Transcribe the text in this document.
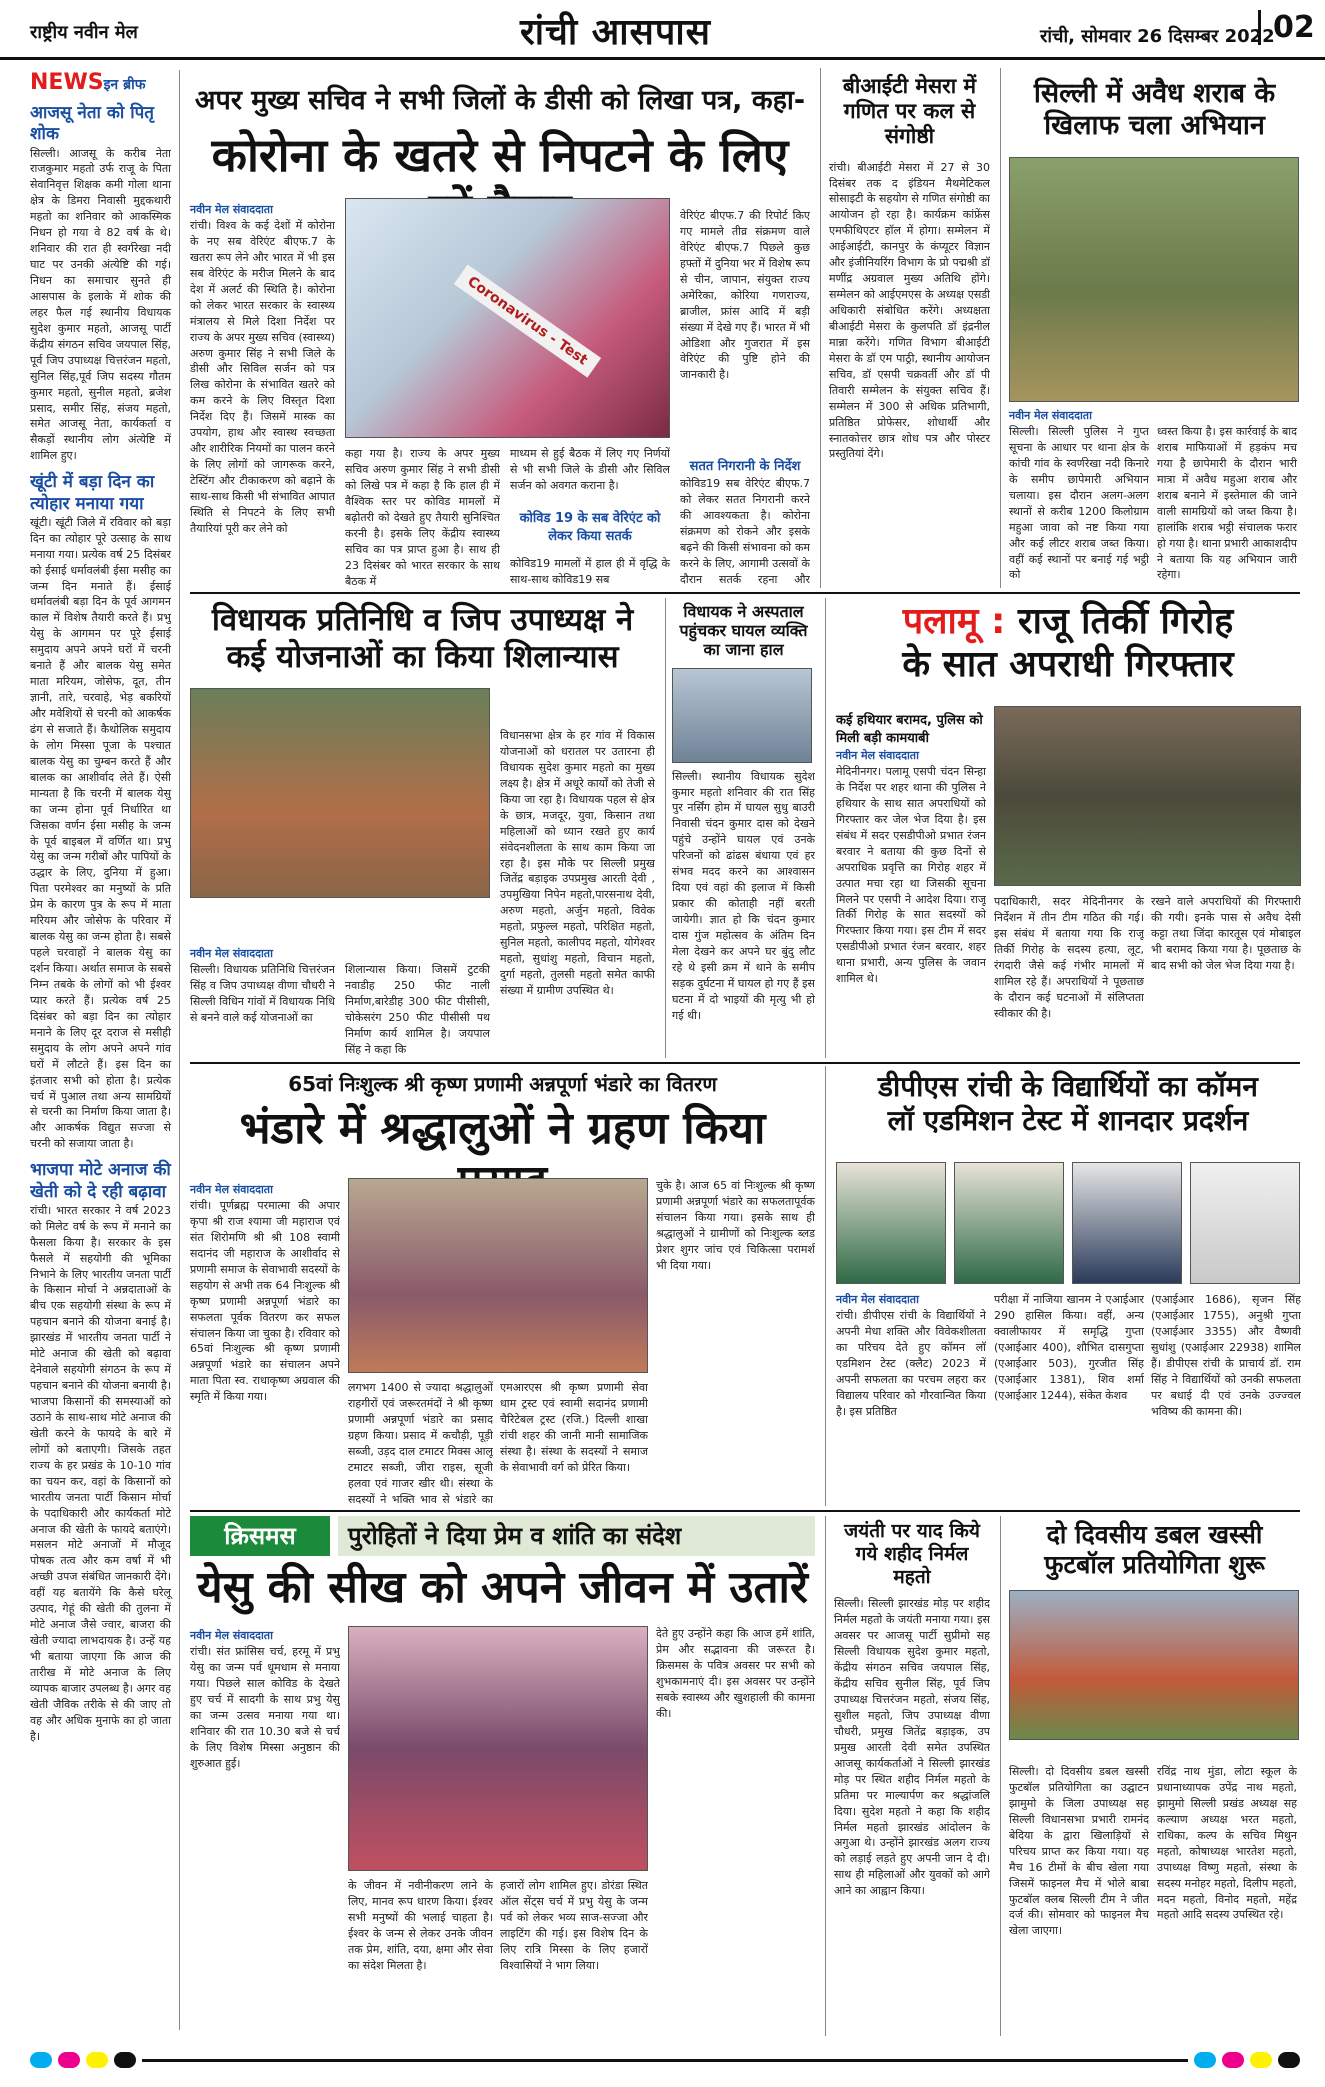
राष्ट्रीय नवीन मेल	रांची आसपास	रांची, सोमवार 26 दिसम्बर 2022
02
NEWSइन ब्रीफ
आजसू नेता को पितृ शोक
सिल्ली। आजसू के करीब नेता राजकुमार महतो उर्फ राजू के पिता सेवानिवृत्त शिक्षक कमी गोला थाना क्षेत्र के डिमरा निवासी मुद्दकथारी महतो का शनिवार को आकस्मिक निधन हो गया वे 82 वर्ष के थे। शनिवार की रात ही स्वर्गरेखा नदी घाट पर उनकी अंत्येष्टि की गई। निधन का समाचार सुनते ही आसपास के इलाके में शोक की लहर फैल गई स्थानीय विधायक सुदेश कुमार महतो, आजसू पार्टी केंद्रीय संगठन सचिव जयपाल सिंह, पूर्व जिप उपाध्यक्ष चित्तरंजन महतो, सुनिल सिंह,पूर्व जिप सदस्य गौतम कुमार महतो, सुनील महतो, ब्रजेश प्रसाद, समीर सिंह, संजय महतो, समेत आजसू नेता, कार्यकर्ता व सैकड़ों स्थानीय लोग अंत्येष्टि में शामिल हुए।
खूंटी में बड़ा दिन का त्योहार मनाया गया
खूंटी। खूंटी जिले में रविवार को बड़ा दिन का त्योहार पूरे उत्साह के साथ मनाया गया। प्रत्येक वर्ष 25 दिसंबर को ईसाई धर्मावलंबी ईसा मसीह का जन्म दिन मनाते हैं। ईसाई धर्मावलंबी बड़ा दिन के पूर्व आगमन काल में विशेष तैयारी करते हैं। प्रभु येसु के आगमन पर पूरे ईसाई समुदाय अपने अपने घरों में चरनी बनाते हैं और बालक येसु समेत माता मरियम, जोसेफ, दूत, तीन ज्ञानी, तारे, चरवाहे, भेड़ बकरियों और मवेशियों से चरनी को आकर्षक ढंग से सजाते हैं। कैथोलिक समुदाय के लोग मिस्सा पूजा के पश्चात बालक येसु का चुम्बन करते हैं और बालक का आशीर्वाद लेते हैं। ऐसी मान्यता है कि चरनी में बालक येसु का जन्म होना पूर्व निर्धारित था जिसका वर्णन ईसा मसीह के जन्म के पूर्व बाइबल में वर्णित था। प्रभु येसु का जन्म गरीबों और पापियों के उद्धार के लिए, दुनिया में हुआ। पिता परमेश्वर का मनुष्यों के प्रति प्रेम के कारण पुत्र के रूप में माता मरियम और जोसेफ के परिवार में बालक येसु का जन्म होता है। सबसे पहले चरवाहों ने बालक येसु का दर्शन किया। अर्थात समाज के सबसे निम्न तबके के लोगों को भी ईश्वर प्यार करते हैं। प्रत्येक वर्ष 25 दिसंबर को बड़ा दिन का त्योहार मनाने के लिए दूर दराज से मसीही समुदाय के लोग अपने अपने गांव घरों में लौटते हैं। इस दिन का इंतजार सभी को होता है। प्रत्येक चर्च में पुआल तथा अन्य सामग्रियों से चरनी का निर्माण किया जाता है। और आकर्षक विद्युत सज्जा से चरनी को सजाया जाता है।
भाजपा मोटे अनाज की खेती को दे रही बढ़ावा
रांची। भारत सरकार ने वर्ष 2023 को मिलेट वर्ष के रूप में मनाने का फैसला किया है। सरकार के इस फैसले में सहयोगी की भूमिका निभाने के लिए भारतीय जनता पार्टी के किसान मोर्चा ने अन्नदाताओं के बीच एक सहयोगी संस्था के रूप में पहचान बनाने की योजना बनाई है। झारखंड में भारतीय जनता पार्टी ने मोटे अनाज की खेती को बढ़ावा देनेवाले सहयोगी संगठन के रूप में पहचान बनाने की योजना बनायी है। भाजपा किसानों की समस्याओं को उठाने के साथ-साथ मोटे अनाज की खेती करने के फायदे के बारे में लोगों को बताएगी। जिसके तहत राज्य के हर प्रखंड के 10-10 गांव का चयन कर, वहां के किसानों को भारतीय जनता पार्टी किसान मोर्चा के पदाधिकारी और कार्यकर्ता मोटे अनाज की खेती के फायदे बताएंगे। मसलन मोटे अनाजों में मौजूद पोषक तत्व और कम वर्षा में भी अच्छी उपज संबंधित जानकारी देंगे। वहीं यह बतायेंगे कि कैसे घरेलू उत्पाद, गेहूं की खेती की तुलना में मोटे अनाज जैसे ज्वार, बाजरा की खेती ज्यादा लाभदायक है। उन्हें यह भी बताया जाएगा कि आज की तारीख में मोटे अनाज के लिए व्यापक बाजार उपलब्ध है। अगर वह खेती जैविक तरीके से की जाए तो वह और अधिक मुनाफे का हो जाता है।
अपर मुख्य सचिव ने सभी जिलों के डीसी को लिखा पत्र, कहा-
कोरोना के खतरे से निपटने के लिए
नवीन मेल संवाददाता
रांची। विश्व के कई देशों में कोरोना के नए सब वेरिएंट बीएफ.7 के खतरा रूप लेने और भारत में भी इस सब वेरिएंट के मरीज मिलने के बाद देश में अलर्ट की स्थिति है। कोरोना को लेकर भारत सरकार के स्वास्थ्य मंत्रालय से मिले दिशा निर्देश पर राज्य के अपर मुख्य सचिव (स्वास्थ्य) अरुण कुमार सिंह ने सभी जिले के डीसी और सिविल सर्जन को पत्र लिख कोरोना के संभावित खतरे को कम करने के लिए विस्तृत दिशा निर्देश दिए हैं। जिसमें मास्क का उपयोग, हाथ और स्वास्थ स्वच्छता और शारीरिक नियमों का पालन करने के लिए लोगों को जागरूक करने, टेस्टिंग और टीकाकरण को बढ़ाने के साथ-साथ किसी भी संभावित आपात स्थिति से निपटने के लिए सभी तैयारियां पूरी कर लेने को
Coronavirus - Test
कहा गया है। राज्य के अपर मुख्य सचिव अरुण कुमार सिंह ने सभी डीसी को लिखे पत्र में कहा है कि हाल ही में वैश्विक स्तर पर कोविड मामलों में बढ़ोतरी को देखते हुए तैयारी सुनिश्चित करनी है। इसके लिए केंद्रीय स्वास्थ्य सचिव का पत्र प्राप्त हुआ है। साथ ही 23 दिसंबर को भारत सरकार के साथ बैठक में
माध्यम से हुई बैठक में लिए गए निर्णयों से भी सभी जिले के डीसी और सिविल सर्जन को अवगत कराना है।
कोविड 19 के सब वेरिएंट को लेकर किया सतर्क
कोविड19 मामलों में हाल ही में वृद्धि के साथ-साथ कोविड19 सब
वेरिएंट बीएफ.7 की रिपोर्ट किए गए मामले तीव्र संक्रमण वाले वेरिएंट बीएफ.7 पिछले कुछ हफ्तों में दुनिया भर में विशेष रूप से चीन, जापान, संयुक्त राज्य अमेरिका, कोरिया गणराज्य, ब्राजील, फ्रांस आदि में बड़ी संख्या में देखे गए हैं। भारत में भी ओडिशा और गुजरात में इस वेरिएंट की पुष्टि होने की जानकारी है।
सतत निगरानी के निर्देश
कोविड19 सब वेरिएंट बीएफ.7 को लेकर सतत निगरानी करने की आवश्यकता है। कोरोना संक्रमण को रोकने और इसके बढ़ने की किसी संभावना को कम करने के लिए, आगामी उत्सवों के दौरान सतर्क रहना और
बीआईटी मेसरा में गणित पर कल से संगोष्ठी
रांची। बीआईटी मेसरा में 27 से 30 दिसंबर तक द इंडियन मैथमेटिकल सोसाइटी के सहयोग से गणित संगोष्ठी का आयोजन हो रहा है। कार्यक्रम कांफ्रेंस एमफीथिएटर हॉल में होगा। सम्मेलन में आईआईटी, कानपुर के कंप्यूटर विज्ञान और इंजीनियरिंग विभाग के प्रो पद्मश्री डॉ मणींद्र अग्रवाल मुख्य अतिथि होंगे। सम्मेलन को आईएमएस के अध्यक्ष एसडी अधिकारी संबोधित करेंगे। अध्यक्षता बीआईटी मेसरा के कुलपति डॉ इंद्रनील मान्ना करेंगे। गणित विभाग बीआईटी मेसरा के डॉ एम पाठ्री, स्थानीय आयोजन सचिव, डॉ एसपी चक्रवर्ती और डॉ पी तिवारी सम्मेलन के संयुक्त सचिव हैं। सम्मेलन में 300 से अधिक प्रतिभागी, प्रतिष्ठित प्रोफेसर, शोधार्थी और स्नातकोत्तर छात्र शोध पत्र और पोस्टर प्रस्तुतियां देंगे।
सिल्ली में अवैध शराब के खिलाफ चला अभियान
नवीन मेल संवाददाता
सिल्ली। सिल्ली पुलिस ने गुप्त सूचना के आधार पर थाना क्षेत्र के कांची गांव के स्वर्णरेखा नदी किनारे के समीप छापेमारी अभियान चलाया। इस दौरान अलग-अलग स्थानों से करीब 1200 किलोग्राम महुआ जावा को नष्ट किया गया और कई लीटर शराब जब्त किया। वहीं कई स्थानों पर बनाई गई भट्ठी को
ध्वस्त किया है। इस कार्रवाई के बाद शराब माफियाओं में हड़कंप मच गया है छापेमारी के दौरान भारी मात्रा में अवैध महुआ शराब और शराब बनाने में इस्तेमाल की जाने वाली सामग्रियों को जब्त किया है। हालांकि शराब भट्ठी संचालक फरार हो गया है। थाना प्रभारी आकाशदीप ने बताया कि यह अभियान जारी रहेगा।
विधायक प्रतिनिधि व जिप उपाध्यक्ष ने कई योजनाओं का किया शिलान्यास
नवीन मेल संवाददाता
सिल्ली। विधायक प्रतिनिधि चित्तरंजन सिंह व जिप उपाध्यक्ष वीणा चौधरी ने सिल्ली विधिन गांवों में विधायक निधि से बनने वाले कई योजनाओं का
शिलान्यास किया। जिसमें टुटकी नवाडीह 250 फीट नाली निर्माण,बारेडीह 300 फीट पीसीसी, चोकेसरंग 250 फीट पीसीसी पथ निर्माण कार्य शामिल है। जयपाल सिंह ने कहा कि
विधानसभा क्षेत्र के हर गांव में विकास योजनाओं को धरातल पर उतारना ही विधायक सुदेश कुमार महतो का मुख्य लक्ष्य है। क्षेत्र में अधूरे कार्यों को तेजी से किया जा रहा है। विधायक पहल से क्षेत्र के छात्र, मजदूर, युवा, किसान तथा महिलाओं को ध्यान रखते हुए कार्य संवेदनशीलता के साथ काम किया जा रहा है। इस मौके पर सिल्ली प्रमुख जितेंद्र बड़ाइक उपप्रमुख आरती देवी , उपमुखिया निपेन महतो,पारसनाथ देवी, अरुण महतो, अर्जुन महतो, विवेक महतो, प्रफुल्ल महतो, परिक्षित महतो, सुनिल महतो, कालीपद महतो, योगेश्वर महतो, सुधांशु महतो, विचान महतो, दुर्गा महतो, तुलसी महतो समेत काफी संख्या में ग्रामीण उपस्थित थे।
विधायक ने अस्पताल पहुंचकर घायल व्यक्ति का जाना हाल
सिल्ली। स्थानीय विधायक सुदेश कुमार महतो शनिवार की रात सिंह पुर नर्सिंग होम में घायल सुधु बाउरी निवासी चंदन कुमार दास को देखने पहुंचे उन्होंने घायल एवं उनके परिजनों को ढांढस बंधाया एवं हर संभव मदद करने का आश्वासन दिया एवं वहां की इलाज में किसी प्रकार की कोताही नहीं बरती जायेगी। ज्ञात हो कि चंदन कुमार दास गुंज महोत्सव के अंतिम दिन मेला देखने कर अपने घर बुंदु लौट रहे थे इसी क्रम में थाने के समीप सड़क दुर्घटना में घायल हो गए हैं इस घटना में दो भाइयों की मृत्यु भी हो गई थी।
पलामू : राजू तिर्की गिरोह
के सात अपराधी गिरफ्तार
कई हथियार बरामद, पुलिस को मिली बड़ी कामयाबी
नवीन मेल संवाददाता
मेदिनीनगर। पलामू एसपी चंदन सिन्हा के निर्देश पर शहर थाना की पुलिस ने हथियार के साथ सात अपराधियों को गिरफ्तार कर जेल भेज दिया है। इस संबंध में सदर एसडीपीओ प्रभात रंजन बरवार ने बताया की कुछ दिनों से अपराधिक प्रवृत्ति का गिरोह शहर में उत्पात मचा रहा था जिसकी सूचना मिलने पर एसपी ने आदेश दिया। राजू तिर्की गिरोह के सात सदस्यों को गिरफ्तार किया गया। इस टीम में सदर एसडीपीओ प्रभात रंजन बरवार, शहर थाना प्रभारी, अन्य पुलिस के जवान शामिल थे।
पदाधिकारी, सदर मेदिनीनगर के निर्देशन में तीन टीम गठित की गई। इस संबंध में बताया गया कि राजू तिर्की गिरोह के सदस्य हत्या, लूट, रंगदारी जैसे कई गंभीर मामलों में शामिल रहे हैं। अपराधियों ने पूछताछ के दौरान कई घटनाओं में संलिप्तता स्वीकार की है।
रखने वाले अपराधियों की गिरफ्तारी की गयी। इनके पास से अवैध देसी कट्टा तथा जिंदा कारतूस एवं मोबाइल भी बरामद किया गया है। पूछताछ के बाद सभी को जेल भेज दिया गया है।
65वां निःशुल्क श्री कृष्ण प्रणामी अन्नपूर्णा भंडारे का वितरण
भंडारे में श्रद्धालुओं ने ग्रहण किया
नवीन मेल संवाददाता
रांची। पूर्णब्रह्म परमात्मा की अपार कृपा श्री राज श्यामा जी महाराज एवं संत शिरोमणि श्री श्री 108 स्वामी सदानंद जी महाराज के आशीर्वाद से प्रणामी समाज के सेवाभावी सदस्यों के सहयोग से अभी तक 64 निःशुल्क श्री कृष्ण प्रणामी अन्नपूर्णा भंडारे का सफलता पूर्वक वितरण कर सफल संचालन किया जा चुका है। रविवार को 65वां निःशुल्क श्री कृष्ण प्रणामी अन्नपूर्णा भंडारे का संचालन अपने माता पिता स्व. राधाकृष्ण अग्रवाल की स्मृति में किया गया।
लगभग 1400 से ज्यादा श्रद्धालुओं राहगीरों एवं जरूरतमंदों ने श्री कृष्ण प्रणामी अन्नपूर्णा भंडारे का प्रसाद ग्रहण किया। प्रसाद में कचौड़ी, पूड़ी सब्जी, उड़द दाल टमाटर मिक्स आलू टमाटर सब्जी, जीरा राइस, सूजी हलवा एवं गाजर खीर थी। संस्था के सदस्यों ने भक्ति भाव से भंडारे का
एमआरएस श्री कृष्ण प्रणामी सेवा धाम ट्रस्ट एवं स्वामी सदानंद प्रणामी चैरिटेबल ट्रस्ट (रजि.) दिल्ली शाखा रांची शहर की जानी मानी सामाजिक संस्था है। संस्था के सदस्यों ने समाज के सेवाभावी वर्ग को प्रेरित किया।
चुके है। आज 65 वां निःशुल्क श्री कृष्ण प्रणामी अन्नपूर्णा भंडारे का सफलतापूर्वक संचालन किया गया। इसके साथ ही श्रद्धालुओं ने ग्रामीणों को निःशुल्क ब्लड प्रेशर शुगर जांच एवं चिकित्सा परामर्श भी दिया गया।
डीपीएस रांची के विद्यार्थियों का कॉमन
लॉ एडमिशन टेस्ट में शानदार प्रदर्शन
नवीन मेल संवाददाता
रांची। डीपीएस रांची के विद्यार्थियों ने अपनी मेधा शक्ति और विवेकशीलता का परिचय देते हुए कॉमन लॉ एडमिशन टेस्ट (क्लैट) 2023 में अपनी सफलता का परचम लहरा कर विद्यालय परिवार को गौरवान्वित किया है। इस प्रतिष्ठित
परीक्षा में नाजिया खानम ने एआईआर 290 हासिल किया। वहीं, अन्य क्वालीफायर में समृद्धि गुप्ता (एआईआर 400), शौभित दासगुप्ता (एआईआर 503), गुरजीत सिंह (एआईआर 1381), शिव शर्मा (एआईआर 1244), संकेत केशव
(एआईआर 1686), सृजन सिंह (एआईआर 1755), अनुश्री गुप्ता (एआईआर 3355) और वैष्णवी सुधांशु (एआईआर 22938) शामिल हैं। डीपीएस रांची के प्राचार्य डॉ. राम सिंह ने विद्यार्थियों को उनकी सफलता पर बधाई दी एवं उनके उज्ज्वल भविष्य की कामना की।
क्रिसमस	पुरोहितों ने दिया प्रेम व शांति का संदेश
येसु की सीख को अपने जीवन में उतारें
नवीन मेल संवाददाता
रांची। संत फ्रांसिस चर्च, हरमू में प्रभु येसु का जन्म पर्व धूमधाम से मनाया गया। पिछले साल कोविड के देखते हुए चर्च में सादगी के साथ प्रभु येसु का जन्म उत्सव मनाया गया था। शनिवार की रात 10.30 बजे से चर्च के लिए विशेष मिस्सा अनुष्ठान की शुरुआत हुई।
के जीवन में नवीनीकरण लाने के लिए, मानव रूप धारण किया। ईश्वर सभी मनुष्यों की भलाई चाहता है। ईश्वर के जन्म से लेकर उनके जीवन तक प्रेम, शांति, दया, क्षमा और सेवा का संदेश मिलता है।
हजारों लोग शामिल हुए। डोरंडा स्थित ऑल सेंट्स चर्च में प्रभु येसु के जन्म पर्व को लेकर भव्य साज-सज्जा और लाइटिंग की गई। इस विशेष दिन के लिए रात्रि मिस्सा के लिए हजारों विश्वासियों ने भाग लिया।
देते हुए उन्होंने कहा कि आज हमें शांति, प्रेम और सद्भावना की जरूरत है। क्रिसमस के पवित्र अवसर पर सभी को शुभकामनाएं दी। इस अवसर पर उन्होंने सबके स्वास्थ्य और खुशहाली की कामना की।
जयंती पर याद किये गये शहीद निर्मल महतो
सिल्ली। सिल्ली झारखंड मोड़ पर शहीद निर्मल महतो के जयंती मनाया गया। इस अवसर पर आजसू पार्टी सुप्रीमो सह सिल्ली विधायक सुदेश कुमार महतो, केंद्रीय संगठन सचिव जयपाल सिंह, केंद्रीय सचिव सुनील सिंह, पूर्व जिप उपाध्यक्ष चित्तरंजन महतो, संजय सिंह, सुशील महतो, जिप उपाध्यक्ष वीणा चौधरी, प्रमुख जितेंद्र बड़ाइक, उप प्रमुख आरती देवी समेत उपस्थित आजसू कार्यकर्ताओं ने सिल्ली झारखंड मोड़ पर स्थित शहीद निर्मल महतो के प्रतिमा पर माल्यार्पण कर श्रद्धांजलि दिया। सुदेश महतो ने कहा कि शहीद निर्मल महतो झारखंड आंदोलन के अगुआ थे। उन्होंने झारखंड अलग राज्य को लड़ाई लड़ते हुए अपनी जान दे दी। साथ ही महिलाओं और युवकों को आगे आने का आह्वान किया।
दो दिवसीय डबल खस्सी फुटबॉल प्रतियोगिता शुरू
सिल्ली। दो दिवसीय डबल खस्सी फुटबॉल प्रतियोगिता का उद्घाटन झामुमो के जिला उपाध्यक्ष सह सिल्ली विधानसभा प्रभारी रामनंद बेदिया के द्वारा खिलाड़ियों से परिचय प्राप्त कर किया गया। यह मैच 16 टीमों के बीच खेला गया जिसमें फाइनल मैच में भोले बाबा फुटबॉल क्लब सिल्ली टीम ने जीत दर्ज की। सोमवार को फाइनल मैच खेला जाएगा।
रविंद्र नाथ मुंडा, लोटा स्कूल के प्रधानाध्यापक उपेंद्र नाथ महतो, झामुमो सिल्ली प्रखंड अध्यक्ष सह कल्याण अध्यक्ष भरत महतो, राधिका, कल्प के सचिव मिथुन महतो, कोषाध्यक्ष भारतेश महतो, उपाध्यक्ष विष्णु महतो, संस्था के सदस्य मनोहर महतो, दिलीप महतो, मदन महतो, विनोद महतो, महेंद्र महतो आदि सदस्य उपस्थित रहे।
